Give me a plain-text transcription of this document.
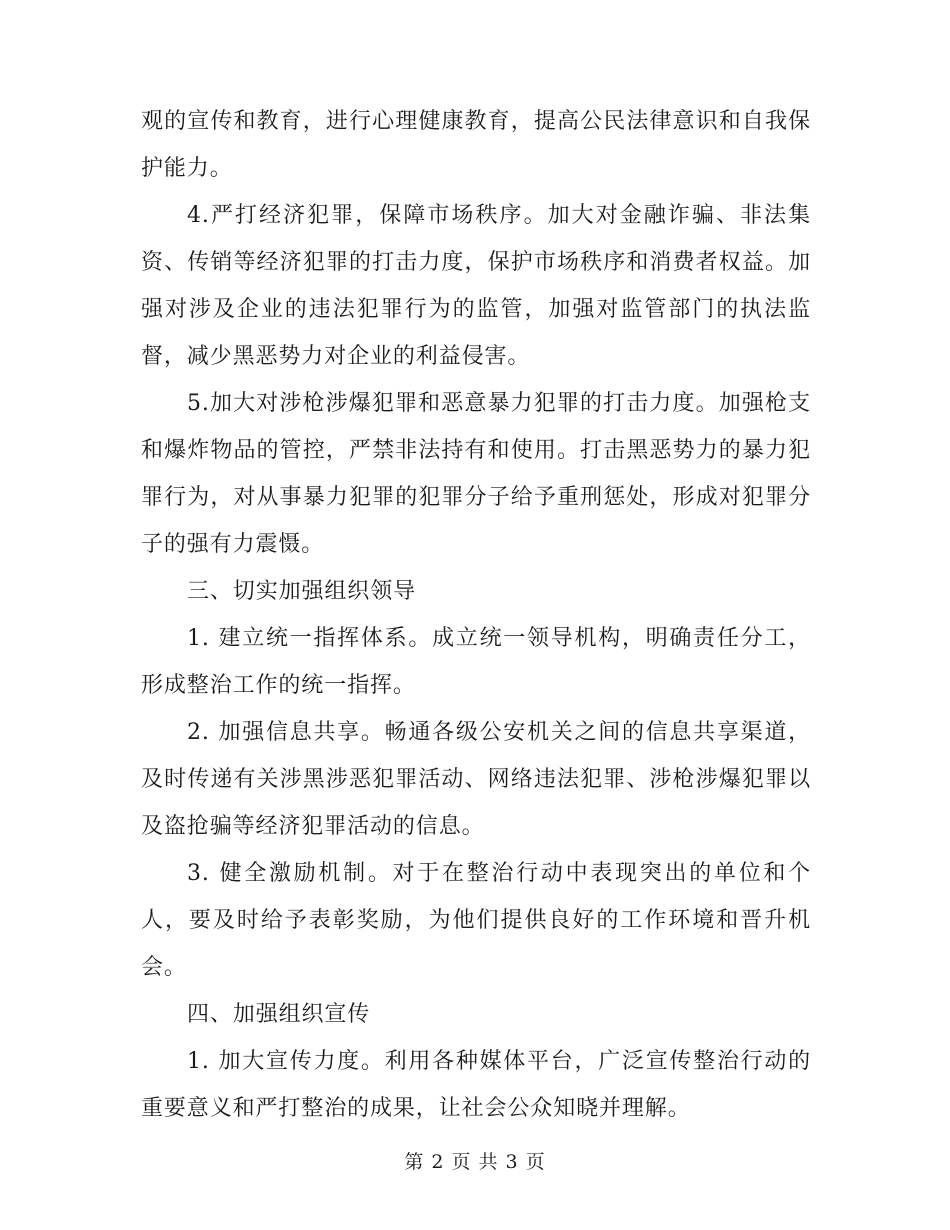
观的宣传和教育，进行心理健康教育，提高公民法律意识和自我保护能力。

4.严打经济犯罪，保障市场秩序。加大对金融诈骗、非法集资、传销等经济犯罪的打击力度，保护市场秩序和消费者权益。加强对涉及企业的违法犯罪行为的监管，加强对监管部门的执法监督，减少黑恶势力对企业的利益侵害。

5.加大对涉枪涉爆犯罪和恶意暴力犯罪的打击力度。加强枪支和爆炸物品的管控，严禁非法持有和使用。打击黑恶势力的暴力犯罪行为，对从事暴力犯罪的犯罪分子给予重刑惩处，形成对犯罪分子的强有力震慑。

三、切实加强组织领导

1. 建立统一指挥体系。成立统一领导机构，明确责任分工，形成整治工作的统一指挥。

2. 加强信息共享。畅通各级公安机关之间的信息共享渠道，及时传递有关涉黑涉恶犯罪活动、网络违法犯罪、涉枪涉爆犯罪以及盗抢骗等经济犯罪活动的信息。

3. 健全激励机制。对于在整治行动中表现突出的单位和个人，要及时给予表彰奖励，为他们提供良好的工作环境和晋升机会。

四、加强组织宣传

1. 加大宣传力度。利用各种媒体平台，广泛宣传整治行动的重要意义和严打整治的成果，让社会公众知晓并理解。

第 2 页 共 3 页
